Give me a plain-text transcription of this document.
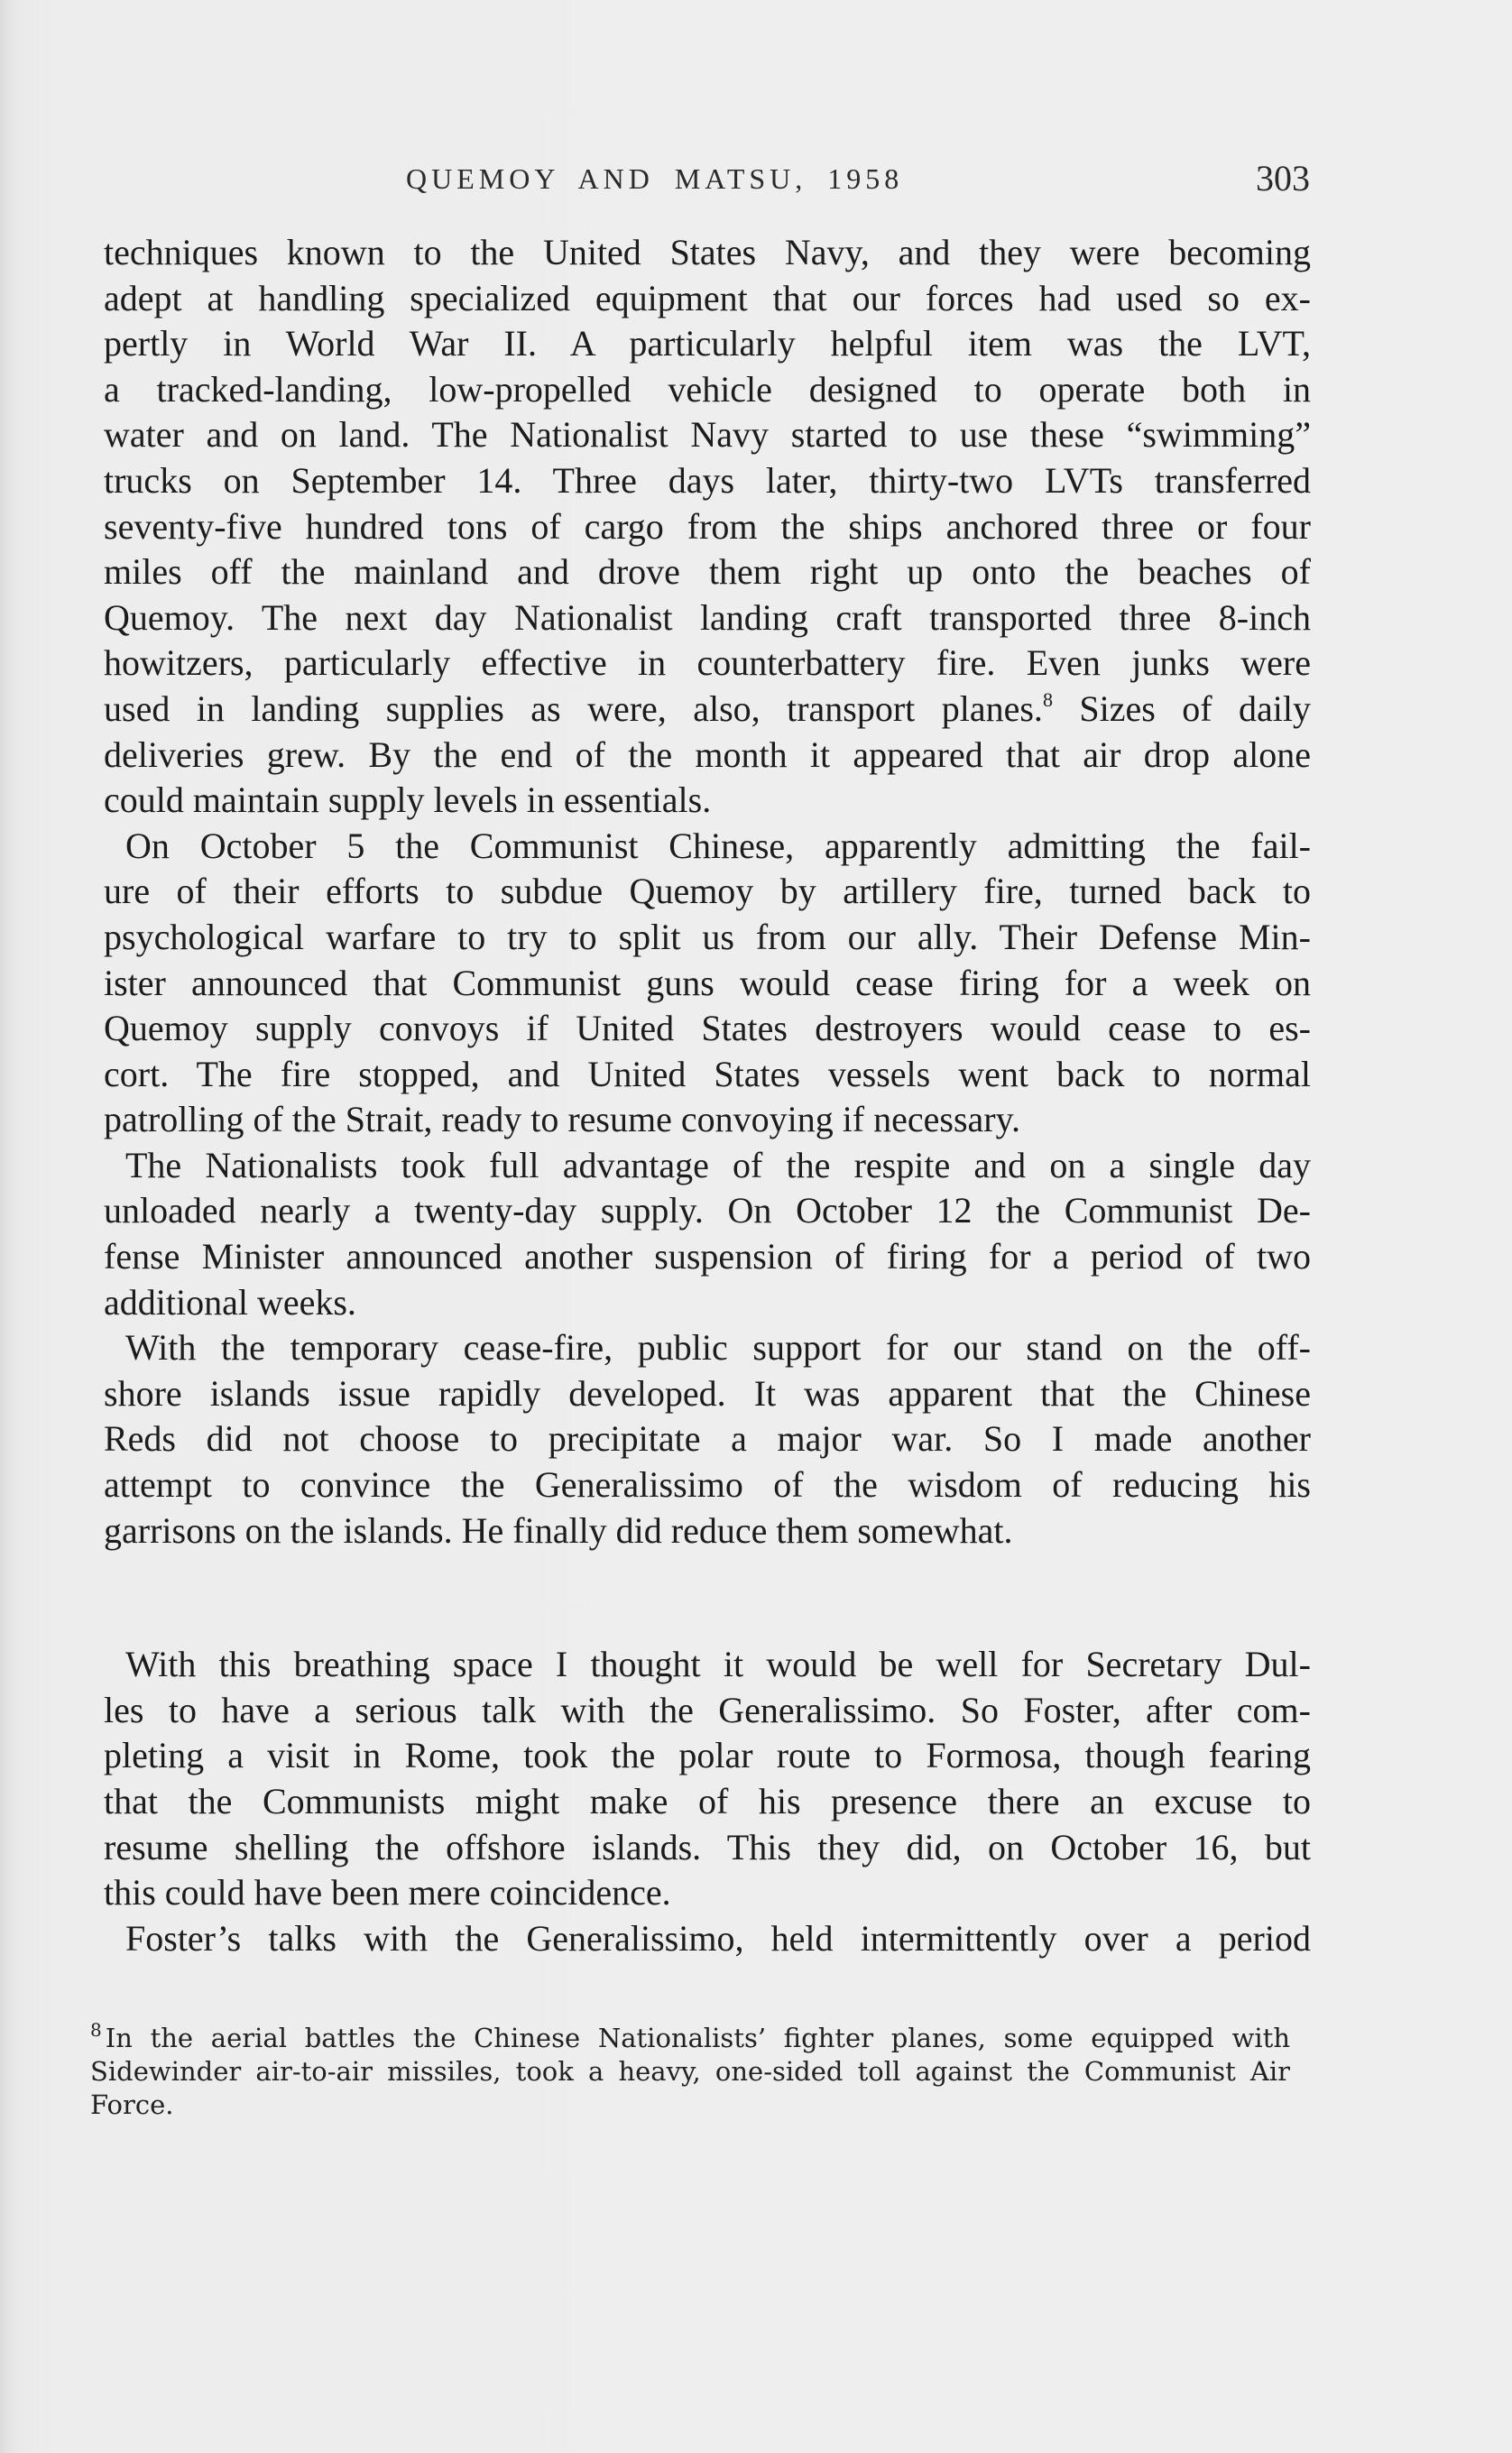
QUEMOY AND MATSU, 1958	303
techniques known to the United States Navy, and they were becoming
adept at handling specialized equipment that our forces had used so ex-
pertly in World War II. A particularly helpful item was the LVT,
a tracked-landing, low-propelled vehicle designed to operate both in
water and on land. The Nationalist Navy started to use these “swimming”
trucks on September 14. Three days later, thirty-two LVTs transferred
seventy-five hundred tons of cargo from the ships anchored three or four
miles off the mainland and drove them right up onto the beaches of
Quemoy. The next day Nationalist landing craft transported three 8-inch
howitzers, particularly effective in counterbattery fire. Even junks were
used in landing supplies as were, also, transport planes.$^8$ Sizes of daily
deliveries grew. By the end of the month it appeared that air drop alone
could maintain supply levels in essentials.
On October 5 the Communist Chinese, apparently admitting the fail-
ure of their efforts to subdue Quemoy by artillery fire, turned back to
psychological warfare to try to split us from our ally. Their Defense Min-
ister announced that Communist guns would cease firing for a week on
Quemoy supply convoys if United States destroyers would cease to es-
cort. The fire stopped, and United States vessels went back to normal
patrolling of the Strait, ready to resume convoying if necessary.
The Nationalists took full advantage of the respite and on a single day
unloaded nearly a twenty-day supply. On October 12 the Communist De-
fense Minister announced another suspension of firing for a period of two
additional weeks.
With the temporary cease-fire, public support for our stand on the off-
shore islands issue rapidly developed. It was apparent that the Chinese
Reds did not choose to precipitate a major war. So I made another
attempt to convince the Generalissimo of the wisdom of reducing his
garrisons on the islands. He finally did reduce them somewhat.
With this breathing space I thought it would be well for Secretary Dul-
les to have a serious talk with the Generalissimo. So Foster, after com-
pleting a visit in Rome, took the polar route to Formosa, though fearing
that the Communists might make of his presence there an excuse to
resume shelling the offshore islands. This they did, on October 16, but
this could have been mere coincidence.
Foster’s talks with the Generalissimo, held intermittently over a period
$^8$ In the aerial battles the Chinese Nationalists’ fighter planes, some equipped with
Sidewinder air-to-air missiles, took a heavy, one-sided toll against the Communist Air
Force.
